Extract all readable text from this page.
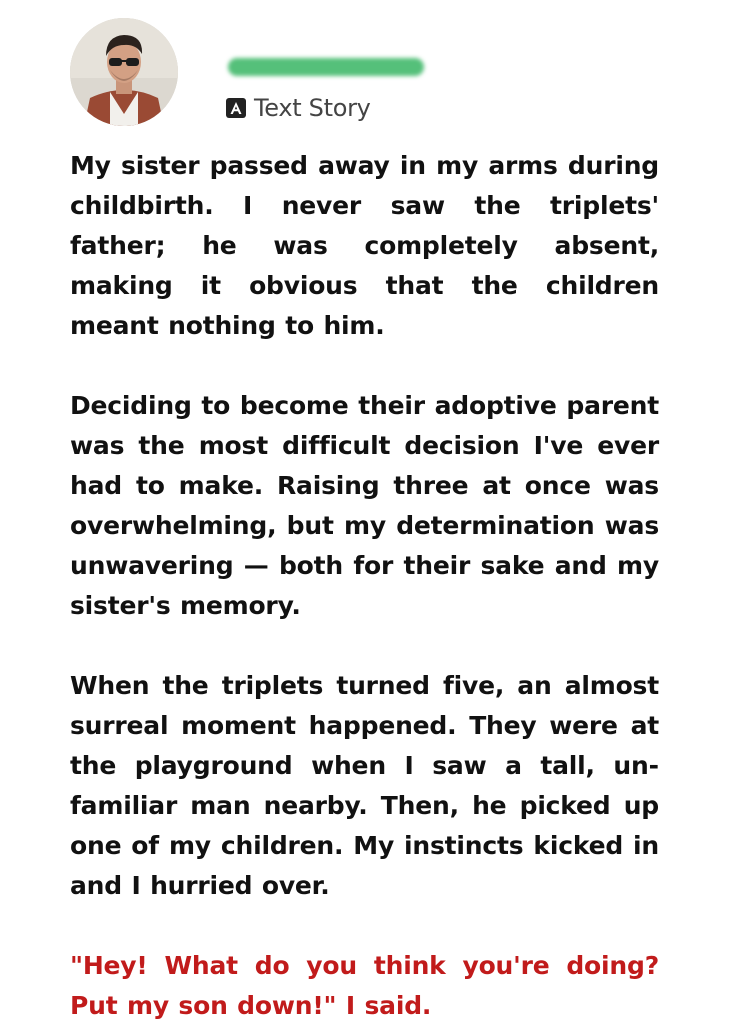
Text Story

My sister passed away in my arms during childbirth. I never saw the triplets' father; he was completely absent, making it obvious that the children meant nothing to him.

Deciding to become their adoptive parent was the most difficult decision I've ever had to make. Raising three at once was overwhelming, but my determination was unwavering — both for their sake and my sister's memory.

When the triplets turned five, an almost surreal moment happened. They were at the playground when I saw a tall, unfamiliar man nearby. Then, he picked up one of my children. My instincts kicked in and I hurried over.

"Hey! What do you think you're doing? Put my son down!" I said.
